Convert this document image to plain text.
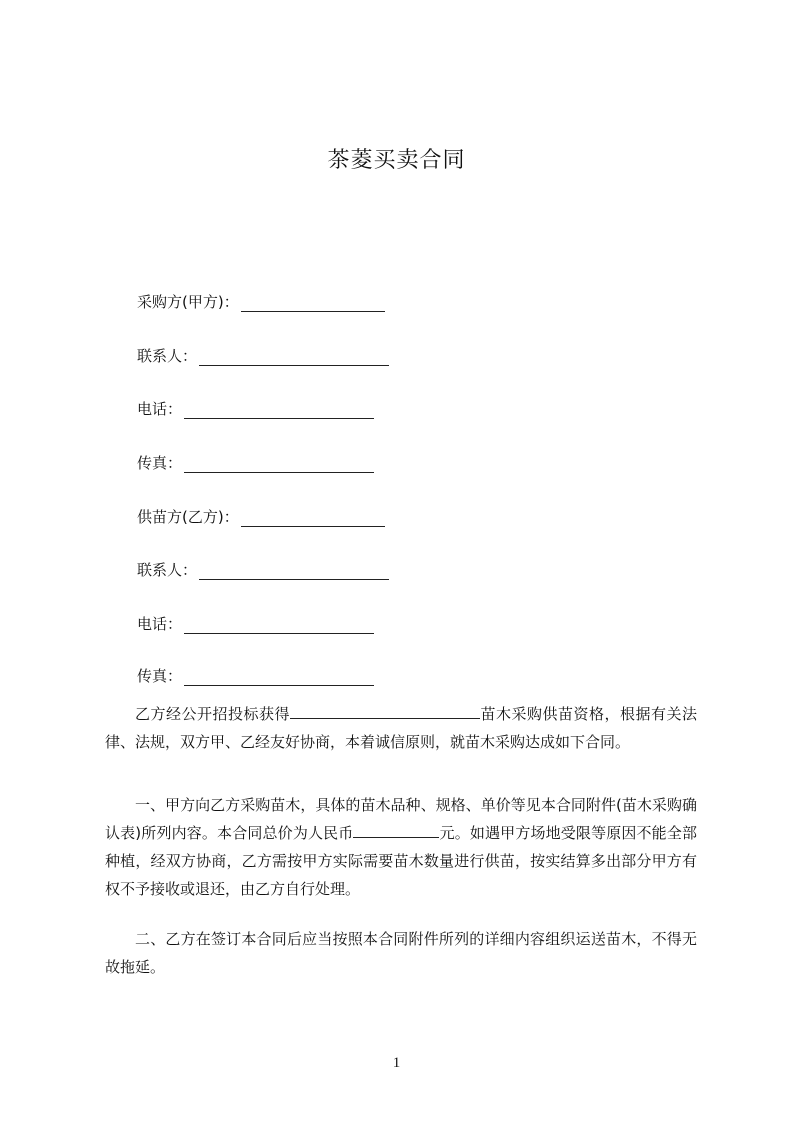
茶菱买卖合同
采购方(甲方)：
联系人：
电话：
传真：
供苗方(乙方)：
联系人：
电话：
传真：

乙方经公开招投标获得	苗木采购供苗资格，根据有关法律、法规，双方甲、乙经友好协商，本着诚信原则，就苗木采购达成如下合同。

一、甲方向乙方采购苗木，具体的苗木品种、规格、单价等见本合同附件(苗木采购确认表)所列内容。本合同总价为人民币	元。如遇甲方场地受限等原因不能全部种植，经双方协商，乙方需按甲方实际需要苗木数量进行供苗，按实结算多出部分甲方有权不予接收或退还，由乙方自行处理。

二、乙方在签订本合同后应当按照本合同附件所列的详细内容组织运送苗木，不得无故拖延。

1
